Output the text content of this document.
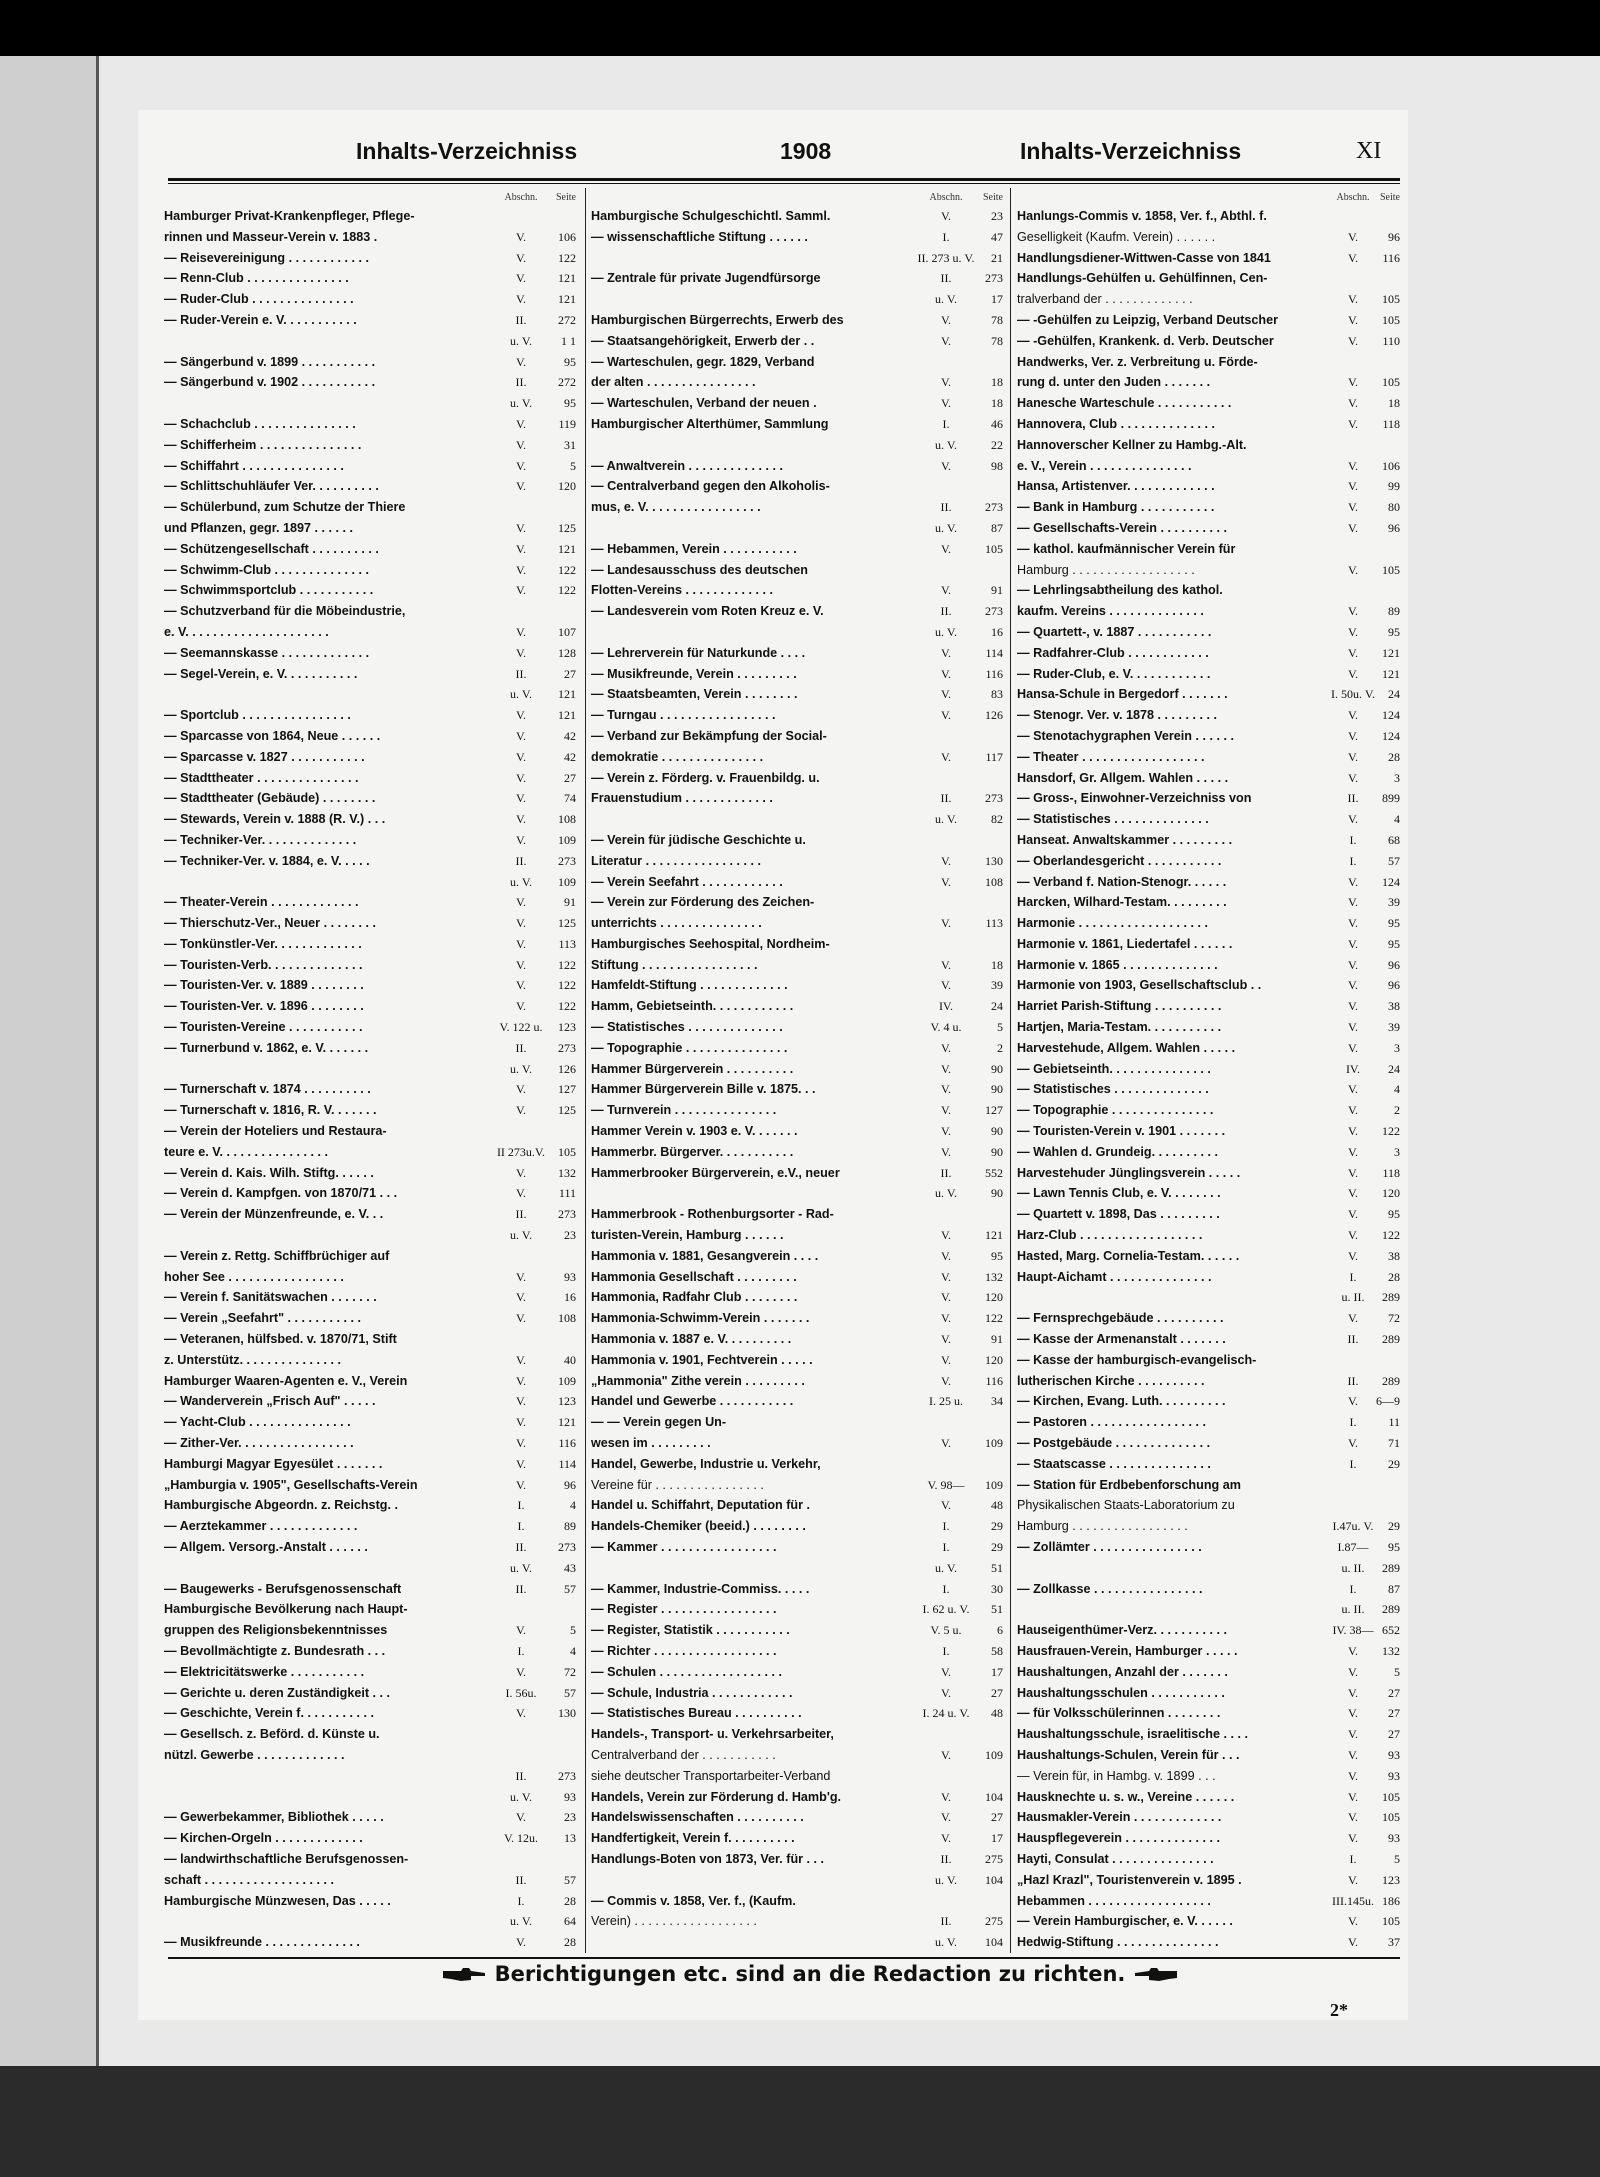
Inhalts-Verzeichniss	1908	Inhalts-Verzeichniss	XI
Abschn.	Seite
Hamburger Privat-Krankenpfleger, Pflege-
rinnen und Masseur-Verein v. 1883 .	V.	106
— Reisevereinigung . . . . . . . . . . . .	V.	122
— Renn-Club . . . . . . . . . . . . . . .	V.	121
— Ruder-Club . . . . . . . . . . . . . . .	V.	121
— Ruder-Verein e. V. . . . . . . . . . .	II.	272
u. V.	1 1
— Sängerbund v. 1899 . . . . . . . . . . .	V.	95
— Sängerbund v. 1902 . . . . . . . . . . .	II.	272
u. V.	95
— Schachclub . . . . . . . . . . . . . . .	V.	119
— Schifferheim . . . . . . . . . . . . . . .	V.	31
— Schiffahrt . . . . . . . . . . . . . . .	V.	5
— Schlittschuhläufer Ver. . . . . . . . . .	V.	120
— Schülerbund, zum Schutze der Thiere
und Pflanzen, gegr. 1897 . . . . . .	V.	125
— Schützengesellschaft . . . . . . . . . .	V.	121
— Schwimm-Club . . . . . . . . . . . . . .	V.	122
— Schwimmsportclub . . . . . . . . . . .	V.	122
— Schutzverband für die Möbeindustrie,
e. V. . . . . . . . . . . . . . . . . . . . .	V.	107
— Seemannskasse . . . . . . . . . . . . .	V.	128
— Segel-Verein, e. V. . . . . . . . . . .	II.	27
u. V.	121
— Sportclub . . . . . . . . . . . . . . . .	V.	121
— Sparcasse von 1864, Neue . . . . . .	V.	42
— Sparcasse v. 1827 . . . . . . . . . . .	V.	42
— Stadttheater . . . . . . . . . . . . . . .	V.	27
— Stadttheater (Gebäude) . . . . . . . .	V.	74
— Stewards, Verein v. 1888 (R. V.) . . .	V.	108
— Techniker-Ver. . . . . . . . . . . . . .	V.	109
— Techniker-Ver. v. 1884, e. V. . . . .	II.	273
u. V.	109
— Theater-Verein . . . . . . . . . . . . .	V.	91
— Thierschutz-Ver., Neuer . . . . . . . .	V.	125
— Tonkünstler-Ver. . . . . . . . . . . . .	V.	113
— Touristen-Verb. . . . . . . . . . . . . .	V.	122
— Touristen-Ver. v. 1889 . . . . . . . .	V.	122
— Touristen-Ver. v. 1896 . . . . . . . .	V.	122
— Touristen-Vereine . . . . . . . . . . .	V. 122 u.	123
— Turnerbund v. 1862, e. V. . . . . . .	II.	273
u. V.	126
— Turnerschaft v. 1874 . . . . . . . . . .	V.	127
— Turnerschaft v. 1816, R. V. . . . . . .	V.	125
— Verein der Hoteliers und Restaura-
teure e. V. . . . . . . . . . . . . . . .	II 273u.V.	105
— Verein d. Kais. Wilh. Stiftg. . . . . .	V.	132
— Verein d. Kampfgen. von 1870/71 . . .	V.	111
— Verein der Münzenfreunde, e. V. . .	II.	273
u. V.	23
— Verein z. Rettg. Schiffbrüchiger auf
hoher See . . . . . . . . . . . . . . . . .	V.	93
— Verein f. Sanitätswachen . . . . . . .	V.	16
— Verein „Seefahrt" . . . . . . . . . . .	V.	108
— Veteranen, hülfsbed. v. 1870/71, Stift
z. Unterstütz. . . . . . . . . . . . . . .	V.	40
Hamburger Waaren-Agenten e. V., Verein	V.	109
— Wanderverein „Frisch Auf" . . . . .	V.	123
— Yacht-Club . . . . . . . . . . . . . . .	V.	121
— Zither-Ver. . . . . . . . . . . . . . . . .	V.	116
Hamburgi Magyar Egyesület . . . . . . .	V.	114
„Hamburgia v. 1905", Gesellschafts-Verein	V.	96
Hamburgische Abgeordn. z. Reichstg. .	I.	4
— Aerztekammer . . . . . . . . . . . . .	I.	89
— Allgem. Versorg.-Anstalt . . . . . .	II.	273
u. V.	43
— Baugewerks - Berufsgenossenschaft	II.	57
Hamburgische Bevölkerung nach Haupt-
gruppen des Religionsbekenntnisses	V.	5
— Bevollmächtigte z. Bundesrath . . .	I.	4
— Elektricitätswerke . . . . . . . . . . .	V.	72
— Gerichte u. deren Zuständigkeit . . .	I. 56u.	57
— Geschichte, Verein f. . . . . . . . . . .	V.	130
— Gesellsch. z. Beförd. d. Künste u.
nützl. Gewerbe . . . . . . . . . . . . .
II.	273
u. V.	93
— Gewerbekammer, Bibliothek . . . . .	V.	23
— Kirchen-Orgeln . . . . . . . . . . . . .	V. 12u.	13
— landwirthschaftliche Berufsgenossen-
schaft . . . . . . . . . . . . . . . . . . .	II.	57
Hamburgische Münzwesen, Das . . . . .	I.	28
u. V.	64
— Musikfreunde . . . . . . . . . . . . . .	V.	28
Abschn.	Seite
Hamburgische Schulgeschichtl. Samml.	V.	23
— wissenschaftliche Stiftung . . . . . .	I.	47
II. 273 u. V.	21
— Zentrale für private Jugendfürsorge	II.	273
u. V.	17
Hamburgischen Bürgerrechts, Erwerb des	V.	78
— Staatsangehörigkeit, Erwerb der . .	V.	78
— Warteschulen, gegr. 1829, Verband
der alten . . . . . . . . . . . . . . . .	V.	18
— Warteschulen, Verband der neuen .	V.	18
Hamburgischer Alterthümer, Sammlung	I.	46
u. V.	22
— Anwaltverein . . . . . . . . . . . . . .	V.	98
— Centralverband gegen den Alkoholis-
mus, e. V. . . . . . . . . . . . . . . . .	II.	273
u. V.	87
— Hebammen, Verein . . . . . . . . . . .	V.	105
— Landesausschuss des deutschen
Flotten-Vereins . . . . . . . . . . . . .	V.	91
— Landesverein vom Roten Kreuz e. V.	II.	273
u. V.	16
— Lehrerverein für Naturkunde . . . .	V.	114
— Musikfreunde, Verein . . . . . . . . .	V.	116
— Staatsbeamten, Verein . . . . . . . .	V.	83
— Turngau . . . . . . . . . . . . . . . . .	V.	126
— Verband zur Bekämpfung der Social-
demokratie . . . . . . . . . . . . . . .	V.	117
— Verein z. Förderg. v. Frauenbildg. u.
Frauenstudium . . . . . . . . . . . . .	II.	273
u. V.	82
— Verein für jüdische Geschichte u.
Literatur . . . . . . . . . . . . . . . . .	V.	130
— Verein Seefahrt . . . . . . . . . . . .	V.	108
— Verein zur Förderung des Zeichen-
unterrichts . . . . . . . . . . . . . . .	V.	113
Hamburgisches Seehospital, Nordheim-
Stiftung . . . . . . . . . . . . . . . . .	V.	18
Hamfeldt-Stiftung . . . . . . . . . . . . .	V.	39
Hamm, Gebietseinth. . . . . . . . . . . .	IV.	24
— Statistisches . . . . . . . . . . . . . .	V. 4 u.	5
— Topographie . . . . . . . . . . . . . . .	V.	2
Hammer Bürgerverein . . . . . . . . . .	V.	90
Hammer Bürgerverein Bille v. 1875. . .	V.	90
— Turnverein . . . . . . . . . . . . . . .	V.	127
Hammer Verein v. 1903 e. V. . . . . . .	V.	90
Hammerbr. Bürgerver. . . . . . . . . . .	V.	90
Hammerbrooker Bürgerverein, e.V., neuer	II.	552
u. V.	90
Hammerbrook - Rothenburgsorter - Rad-
turisten-Verein, Hamburg . . . . . .	V.	121
Hammonia v. 1881, Gesangverein . . . .	V.	95
Hammonia Gesellschaft . . . . . . . . .	V.	132
Hammonia, Radfahr Club . . . . . . . .	V.	120
Hammonia-Schwimm-Verein . . . . . . .	V.	122
Hammonia v. 1887 e. V. . . . . . . . . .	V.	91
Hammonia v. 1901, Fechtverein . . . . .	V.	120
„Hammonia" Zithe verein . . . . . . . . .	V.	116
Handel und Gewerbe . . . . . . . . . . .	I. 25 u.	34
— — Verein gegen Un-
wesen im . . . . . . . . .	V.	109
Handel, Gewerbe, Industrie u. Verkehr,
Vereine für . . . . . . . . . . . . . . . .	V. 98—	109
Handel u. Schiffahrt, Deputation für .	V.	48
Handels-Chemiker (beeid.) . . . . . . . .	I.	29
— Kammer . . . . . . . . . . . . . . . . .	I.	29
u. V.	51
— Kammer, Industrie-Commiss. . . . .	I.	30
— Register . . . . . . . . . . . . . . . . .	I. 62 u. V.	51
— Register, Statistik . . . . . . . . . . .	V. 5 u.	6
— Richter . . . . . . . . . . . . . . . . . .	I.	58
— Schulen . . . . . . . . . . . . . . . . . .	V.	17
— Schule, Industria . . . . . . . . . . . .	V.	27
— Statistisches Bureau . . . . . . . . . .	I. 24 u. V.	48
Handels-, Transport- u. Verkehrsarbeiter,
Centralverband der . . . . . . . . . . .	V.	109
siehe deutscher Transportarbeiter-Verband
Handels, Verein zur Förderung d. Hamb'g.	V.	104
Handelswissenschaften . . . . . . . . . .	V.	27
Handfertigkeit, Verein f. . . . . . . . . .	V.	17
Handlungs-Boten von 1873, Ver. für . . .	II.	275
u. V.	104
— Commis v. 1858, Ver. f., (Kaufm.
Verein) . . . . . . . . . . . . . . . . . .	II.	275
u. V.	104
Abschn.	Seite
Hanlungs-Commis v. 1858, Ver. f., Abthl. f.
Geselligkeit (Kaufm. Verein) . . . . . .	V.	96
Handlungsdiener-Wittwen-Casse von 1841	V.	116
Handlungs-Gehülfen u. Gehülfinnen, Cen-
tralverband der . . . . . . . . . . . . .	V.	105
— -Gehülfen zu Leipzig, Verband Deutscher	V.	105
— -Gehülfen, Krankenk. d. Verb. Deutscher	V.	110
Handwerks, Ver. z. Verbreitung u. Förde-
rung d. unter den Juden . . . . . . .	V.	105
Hanesche Warteschule . . . . . . . . . . .	V.	18
Hannovera, Club . . . . . . . . . . . . . .	V.	118
Hannoverscher Kellner zu Hambg.-Alt.
e. V., Verein . . . . . . . . . . . . . . .	V.	106
Hansa, Artistenver. . . . . . . . . . . . .	V.	99
— Bank in Hamburg . . . . . . . . . . .	V.	80
— Gesellschafts-Verein . . . . . . . . . .	V.	96
— kathol. kaufmännischer Verein für
Hamburg . . . . . . . . . . . . . . . . . .	V.	105
— Lehrlingsabtheilung des kathol.
kaufm. Vereins . . . . . . . . . . . . . .	V.	89
— Quartett-, v. 1887 . . . . . . . . . . .	V.	95
— Radfahrer-Club . . . . . . . . . . . .	V.	121
— Ruder-Club, e. V. . . . . . . . . . . .	V.	121
Hansa-Schule in Bergedorf . . . . . . .	I. 50u. V.	24
— Stenogr. Ver. v. 1878 . . . . . . . . .	V.	124
— Stenotachygraphen Verein . . . . . .	V.	124
— Theater . . . . . . . . . . . . . . . . . .	V.	28
Hansdorf, Gr. Allgem. Wahlen . . . . .	V.	3
— Gross-, Einwohner-Verzeichniss von	II.	899
— Statistisches . . . . . . . . . . . . . .	V.	4
Hanseat. Anwaltskammer . . . . . . . . .	I.	68
— Oberlandesgericht . . . . . . . . . . .	I.	57
— Verband f. Nation-Stenogr. . . . . .	V.	124
Harcken, Wilhard-Testam. . . . . . . . .	V.	39
Harmonie . . . . . . . . . . . . . . . . . . .	V.	95
Harmonie v. 1861, Liedertafel . . . . . .	V.	95
Harmonie v. 1865 . . . . . . . . . . . . . .	V.	96
Harmonie von 1903, Gesellschaftsclub . .	V.	96
Harriet Parish-Stiftung . . . . . . . . . .	V.	38
Hartjen, Maria-Testam. . . . . . . . . . .	V.	39
Harvestehude, Allgem. Wahlen . . . . .	V.	3
— Gebietseinth. . . . . . . . . . . . . . .	IV.	24
— Statistisches . . . . . . . . . . . . . .	V.	4
— Topographie . . . . . . . . . . . . . . .	V.	2
— Touristen-Verein v. 1901 . . . . . . .	V.	122
— Wahlen d. Grundeig. . . . . . . . . .	V.	3
Harvestehuder Jünglingsverein . . . . .	V.	118
— Lawn Tennis Club, e. V. . . . . . . .	V.	120
— Quartett v. 1898, Das . . . . . . . . .	V.	95
Harz-Club . . . . . . . . . . . . . . . . . .	V.	122
Hasted, Marg. Cornelia-Testam. . . . . .	V.	38
Haupt-Aichamt . . . . . . . . . . . . . . .	I.	28
u. II.	289
— Fernsprechgebäude . . . . . . . . . .	V.	72
— Kasse der Armenanstalt . . . . . . .	II.	289
— Kasse der hamburgisch-evangelisch-
lutherischen Kirche . . . . . . . . . .	II.	289
— Kirchen, Evang. Luth. . . . . . . . . .	V.	6—9
— Pastoren . . . . . . . . . . . . . . . . .	I.	11
— Postgebäude . . . . . . . . . . . . . .	V.	71
— Staatscasse . . . . . . . . . . . . . . .	I.	29
— Station für Erdbebenforschung am
Physikalischen Staats-Laboratorium zu
Hamburg . . . . . . . . . . . . . . . . .	I.47u. V.	29
— Zollämter . . . . . . . . . . . . . . . .	I.87—	95
u. II.	289
— Zollkasse . . . . . . . . . . . . . . . .	I.	87
u. II.	289
Hauseigenthümer-Verz. . . . . . . . . . .	IV. 38— 652
Hausfrauen-Verein, Hamburger . . . . .	V.	132
Haushaltungen, Anzahl der . . . . . . .	V.	5
Haushaltungsschulen . . . . . . . . . . .	V.	27
— für Volksschülerinnen . . . . . . . .	V.	27
Haushaltungsschule, israelitische . . . .	V.	27
Haushaltungs-Schulen, Verein für . . .	V.	93
— Verein für, in Hambg. v. 1899 . . .	V.	93
Hausknechte u. s. w., Vereine . . . . . .	V.	105
Hausmakler-Verein . . . . . . . . . . . . .	V.	105
Hauspflegeverein . . . . . . . . . . . . . .	V.	93
Hayti, Consulat . . . . . . . . . . . . . . .	I.	5
„Hazl Krazl", Touristenverein v. 1895 .	V.	123
Hebammen . . . . . . . . . . . . . . . . . .	III.145u. 186
— Verein Hamburgischer, e. V. . . . . .	V.	105
Hedwig-Stiftung . . . . . . . . . . . . . . .	V.	37
Berichtigungen etc. sind an die Redaction zu richten.
2*
